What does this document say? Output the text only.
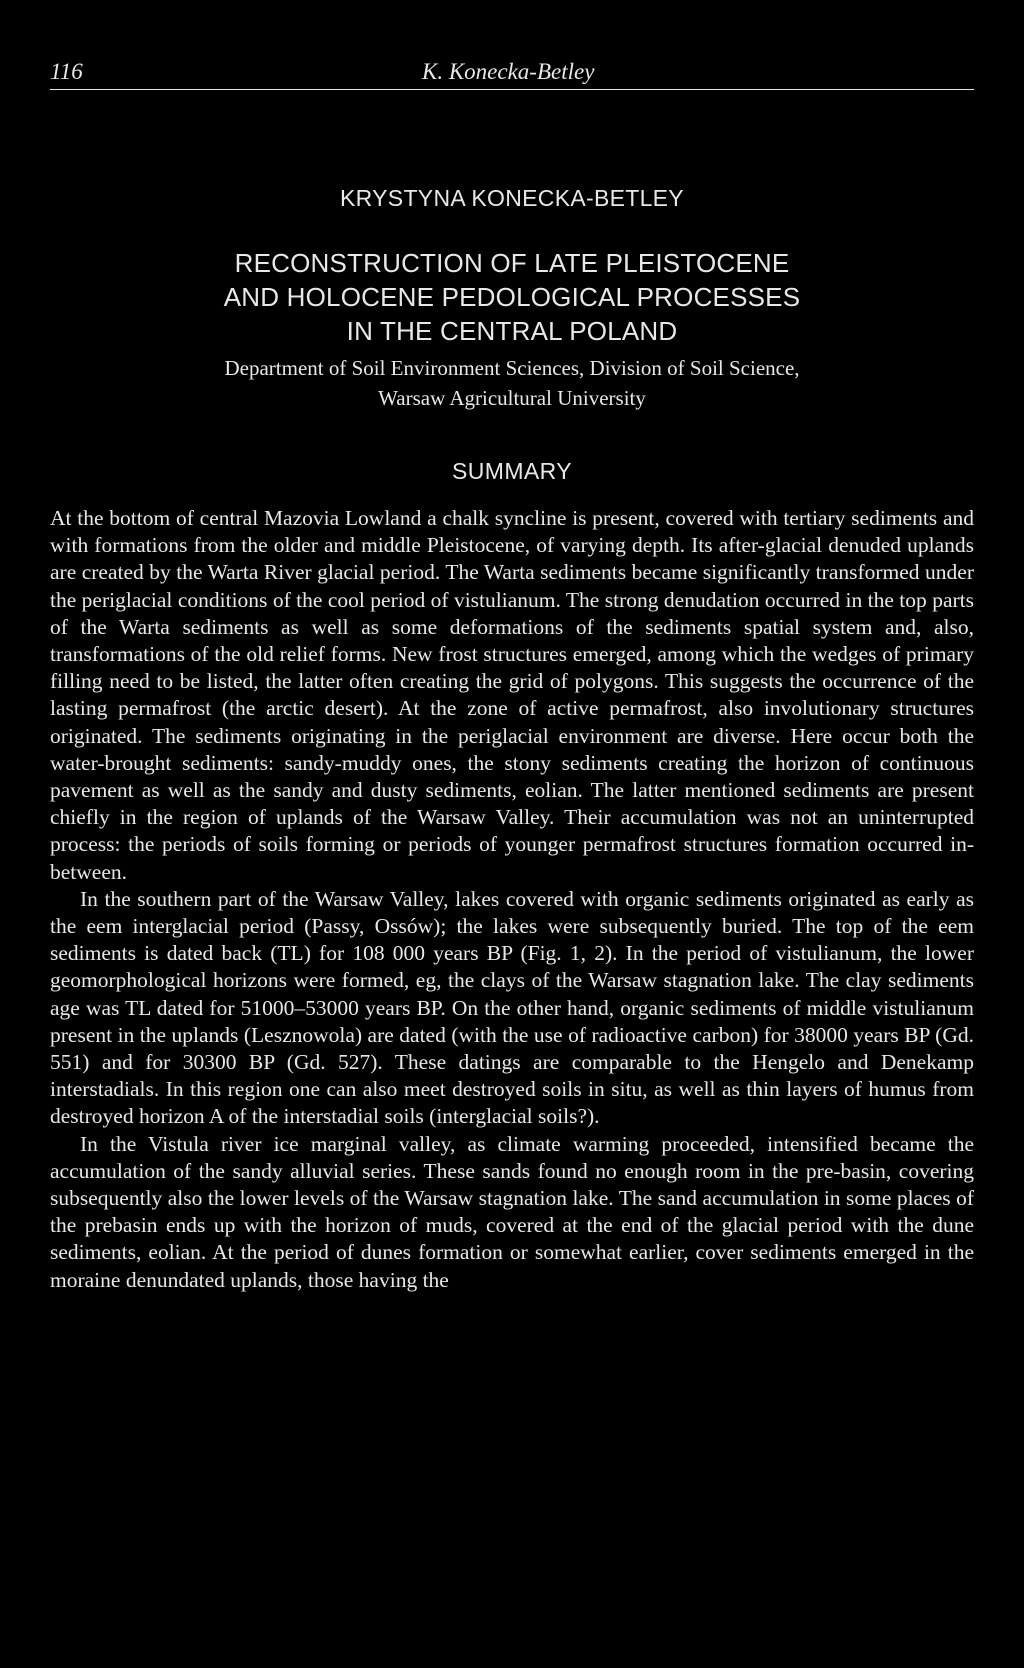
116	K. Konecka-Betley
KRYSTYNA KONECKA-BETLEY
RECONSTRUCTION OF LATE PLEISTOCENE
AND HOLOCENE PEDOLOGICAL PROCESSES
IN THE CENTRAL POLAND
Department of Soil Environment Sciences, Division of Soil Science,
Warsaw Agricultural University
SUMMARY

At the bottom of central Mazovia Lowland a chalk syncline is present, covered with tertiary sediments and with formations from the older and middle Pleistocene, of varying depth. Its after-glacial denuded uplands are created by the Warta River glacial period. The Warta sediments became significantly transformed under the periglacial conditions of the cool period of vistulianum. The strong denudation occurred in the top parts of the Warta sediments as well as some deformations of the sediments spatial system and, also, transformations of the old relief forms. New frost structures emerged, among which the wedges of primary filling need to be listed, the latter often creating the grid of polygons. This suggests the occurrence of the lasting permafrost (the arctic desert). At the zone of active permafrost, also involutionary structures originated. The sediments originating in the periglacial environment are diverse. Here occur both the water-brought sediments: sandy-muddy ones, the stony sediments creating the horizon of continuous pavement as well as the sandy and dusty sediments, eolian. The latter mentioned sediments are present chiefly in the region of uplands of the Warsaw Valley. Their accumulation was not an uninterrupted process: the periods of soils forming or periods of younger permafrost structures formation occurred in-between.

In the southern part of the Warsaw Valley, lakes covered with organic sediments originated as early as the eem interglacial period (Passy, Ossów); the lakes were subsequently buried. The top of the eem sediments is dated back (TL) for 108 000 years BP (Fig. 1, 2). In the period of vistulianum, the lower geomorphological horizons were formed, eg, the clays of the Warsaw stagnation lake. The clay sediments age was TL dated for 51000–53000 years BP. On the other hand, organic sediments of middle vistulianum present in the uplands (Lesznowola) are dated (with the use of radioactive carbon) for 38000 years BP (Gd. 551) and for 30300 BP (Gd. 527). These datings are comparable to the Hengelo and Denekamp interstadials. In this region one can also meet destroyed soils in situ, as well as thin layers of humus from destroyed horizon A of the interstadial soils (interglacial soils?).

In the Vistula river ice marginal valley, as climate warming proceeded, intensified became the accumulation of the sandy alluvial series. These sands found no enough room in the pre-basin, covering subsequently also the lower levels of the Warsaw stagnation lake. The sand accumulation in some places of the prebasin ends up with the horizon of muds, covered at the end of the glacial period with the dune sediments, eolian. At the period of dunes formation or somewhat earlier, cover sediments emerged in the moraine denundated uplands, those having the
